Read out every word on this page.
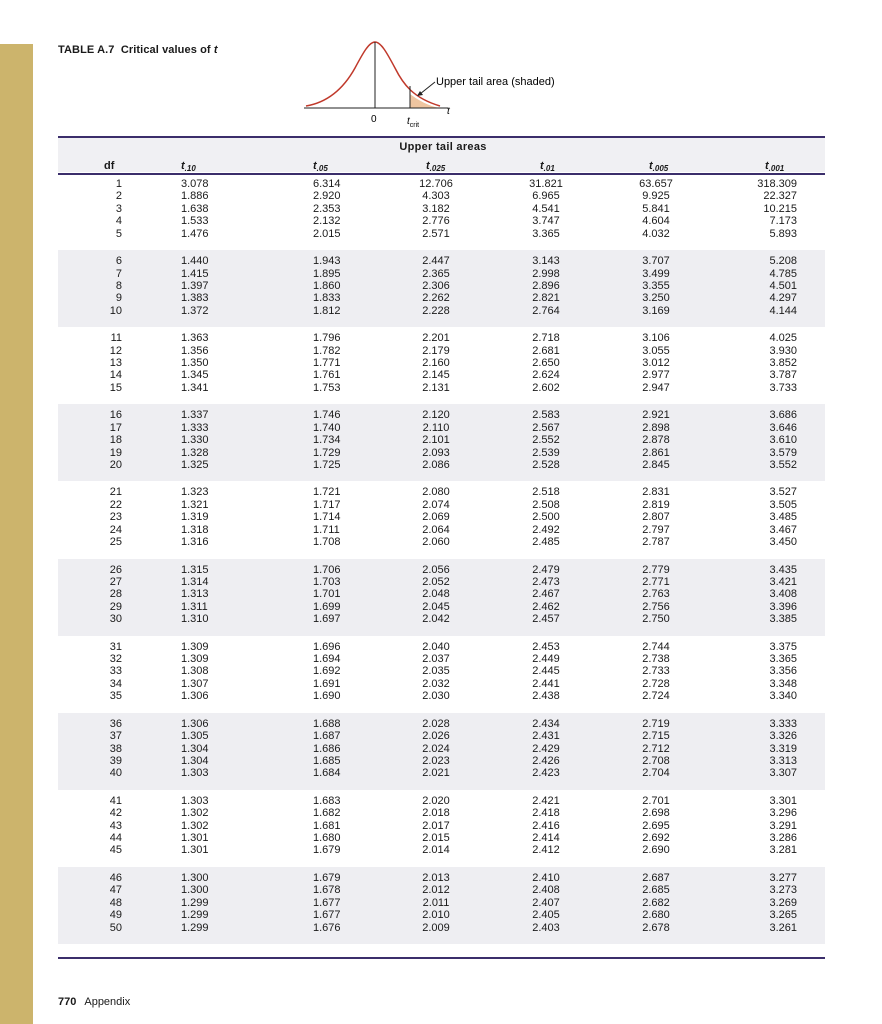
TABLE A.7 Critical values of t
0	$t_{crit}$
t
Upper tail area (shaded)
Upper tail areas
df	$t_{.10}$	$t_{.05}$	$t_{.025}$	$t_{.01}$	$t_{.005}$	$t_{.001}$
1	3.078	6.314	12.706	31.821	63.657	318.309
2	1.886	2.920	4.303	6.965	9.925	22.327
3	1.638	2.353	3.182	4.541	5.841	10.215
4	1.533	2.132	2.776	3.747	4.604	7.173
5	1.476	2.015	2.571	3.365	4.032	5.893
6	1.440	1.943	2.447	3.143	3.707	5.208
7	1.415	1.895	2.365	2.998	3.499	4.785
8	1.397	1.860	2.306	2.896	3.355	4.501
9	1.383	1.833	2.262	2.821	3.250	4.297
10	1.372	1.812	2.228	2.764	3.169	4.144
11	1.363	1.796	2.201	2.718	3.106	4.025
12	1.356	1.782	2.179	2.681	3.055	3.930
13	1.350	1.771	2.160	2.650	3.012	3.852
14	1.345	1.761	2.145	2.624	2.977	3.787
15	1.341	1.753	2.131	2.602	2.947	3.733
16	1.337	1.746	2.120	2.583	2.921	3.686
17	1.333	1.740	2.110	2.567	2.898	3.646
18	1.330	1.734	2.101	2.552	2.878	3.610
19	1.328	1.729	2.093	2.539	2.861	3.579
20	1.325	1.725	2.086	2.528	2.845	3.552
21	1.323	1.721	2.080	2.518	2.831	3.527
22	1.321	1.717	2.074	2.508	2.819	3.505
23	1.319	1.714	2.069	2.500	2.807	3.485
24	1.318	1.711	2.064	2.492	2.797	3.467
25	1.316	1.708	2.060	2.485	2.787	3.450
26	1.315	1.706	2.056	2.479	2.779	3.435
27	1.314	1.703	2.052	2.473	2.771	3.421
28	1.313	1.701	2.048	2.467	2.763	3.408
29	1.311	1.699	2.045	2.462	2.756	3.396
30	1.310	1.697	2.042	2.457	2.750	3.385
31	1.309	1.696	2.040	2.453	2.744	3.375
32	1.309	1.694	2.037	2.449	2.738	3.365
33	1.308	1.692	2.035	2.445	2.733	3.356
34	1.307	1.691	2.032	2.441	2.728	3.348
35	1.306	1.690	2.030	2.438	2.724	3.340
36	1.306	1.688	2.028	2.434	2.719	3.333
37	1.305	1.687	2.026	2.431	2.715	3.326
38	1.304	1.686	2.024	2.429	2.712	3.319
39	1.304	1.685	2.023	2.426	2.708	3.313
40	1.303	1.684	2.021	2.423	2.704	3.307
41	1.303	1.683	2.020	2.421	2.701	3.301
42	1.302	1.682	2.018	2.418	2.698	3.296
43	1.302	1.681	2.017	2.416	2.695	3.291
44	1.301	1.680	2.015	2.414	2.692	3.286
45	1.301	1.679	2.014	2.412	2.690	3.281
46	1.300	1.679	2.013	2.410	2.687	3.277
47	1.300	1.678	2.012	2.408	2.685	3.273
48	1.299	1.677	2.011	2.407	2.682	3.269
49	1.299	1.677	2.010	2.405	2.680	3.265
50	1.299	1.676	2.009	2.403	2.678	3.261
770 Appendix
